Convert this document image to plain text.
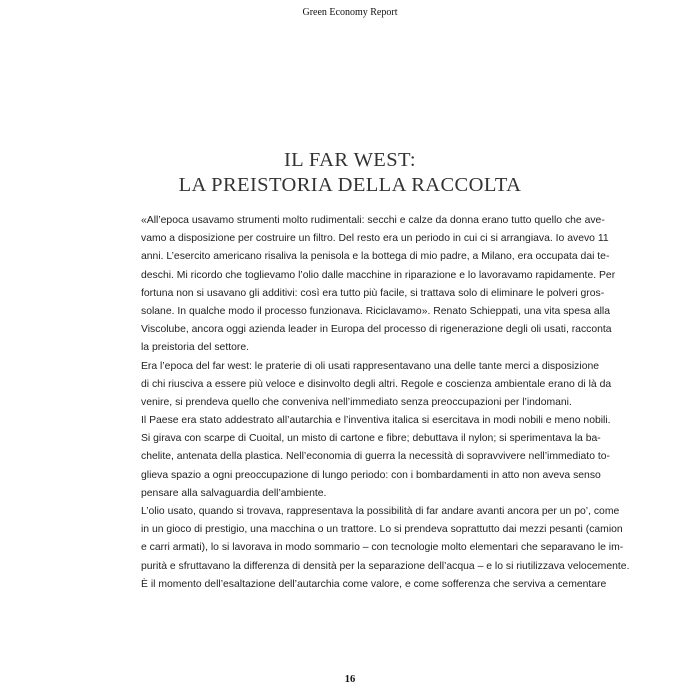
Green Economy Report
IL FAR WEST:
LA PREISTORIA DELLA RACCOLTA
«All’epoca usavamo strumenti molto rudimentali: secchi e calze da donna erano tutto quello che ave-
vamo a disposizione per costruire un filtro. Del resto era un periodo in cui ci si arrangiava. Io avevo 11
anni. L’esercito americano risaliva la penisola e la bottega di mio padre, a Milano, era occupata dai te-
deschi. Mi ricordo che toglievamo l’olio dalle macchine in riparazione e lo lavoravamo rapidamente. Per
fortuna non si usavano gli additivi: così era tutto più facile, si trattava solo di eliminare le polveri gros-
solane. In qualche modo il processo funzionava. Riciclavamo». Renato Schieppati, una vita spesa alla
Viscolube, ancora oggi azienda leader in Europa del processo di rigenerazione degli oli usati, racconta
la preistoria del settore.
Era l’epoca del far west: le praterie di oli usati rappresentavano una delle tante merci a disposizione
di chi riusciva a essere più veloce e disinvolto degli altri. Regole e coscienza ambientale erano di là da
venire, si prendeva quello che conveniva nell’immediato senza preoccupazioni per l’indomani.
Il Paese era stato addestrato all’autarchia e l’inventiva italica si esercitava in modi nobili e meno nobili.
Si girava con scarpe di Cuoital, un misto di cartone e fibre; debuttava il nylon; si sperimentava la ba-
chelite, antenata della plastica. Nell’economia di guerra la necessità di sopravvivere nell’immediato to-
glieva spazio a ogni preoccupazione di lungo periodo: con i bombardamenti in atto non aveva senso
pensare alla salvaguardia dell’ambiente.
L’olio usato, quando si trovava, rappresentava la possibilità di far andare avanti ancora per un po’, come
in un gioco di prestigio, una macchina o un trattore. Lo si prendeva soprattutto dai mezzi pesanti (camion
e carri armati), lo si lavorava in modo sommario – con tecnologie molto elementari che separavano le im-
purità e sfruttavano la differenza di densità per la separazione dell’acqua – e lo si riutilizzava velocemente.
È il momento dell’esaltazione dell’autarchia come valore, e come sofferenza che serviva a cementare
16
